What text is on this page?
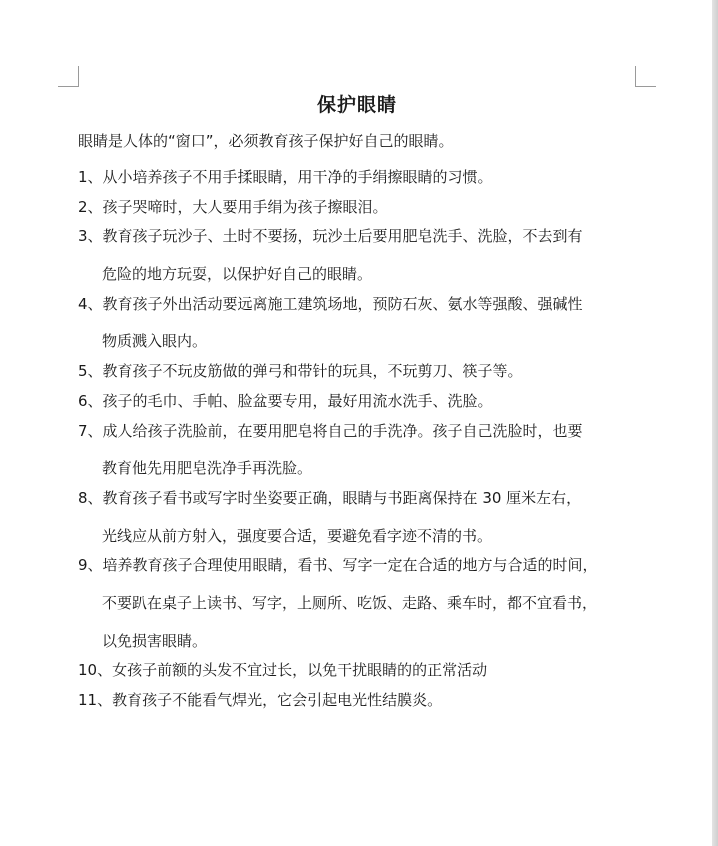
保护眼睛

眼睛是人体的“窗口”，必须教育孩子保护好自己的眼睛。

1、从小培养孩子不用手揉眼睛，用干净的手绢擦眼睛的习惯。
2、孩子哭啼时，大人要用手绢为孩子擦眼泪。
3、教育孩子玩沙子、土时不要扬，玩沙土后要用肥皂洗手、洗脸，不去到有
危险的地方玩耍，以保护好自己的眼睛。
4、教育孩子外出活动要远离施工建筑场地，预防石灰、氨水等强酸、强碱性
物质溅入眼内。
5、教育孩子不玩皮筋做的弹弓和带针的玩具，不玩剪刀、筷子等。
6、孩子的毛巾、手帕、脸盆要专用，最好用流水洗手、洗脸。
7、成人给孩子洗脸前，在要用肥皂将自己的手洗净。孩子自己洗脸时，也要
教育他先用肥皂洗净手再洗脸。
8、教育孩子看书或写字时坐姿要正确，眼睛与书距离保持在 30 厘米左右，
光线应从前方射入，强度要合适，要避免看字迹不清的书。
9、培养教育孩子合理使用眼睛，看书、写字一定在合适的地方与合适的时间，
不要趴在桌子上读书、写字，上厕所、吃饭、走路、乘车时，都不宜看书，
以免损害眼睛。
10、女孩子前额的头发不宜过长，以免干扰眼睛的的正常活动
11、教育孩子不能看气焊光，它会引起电光性结膜炎。
